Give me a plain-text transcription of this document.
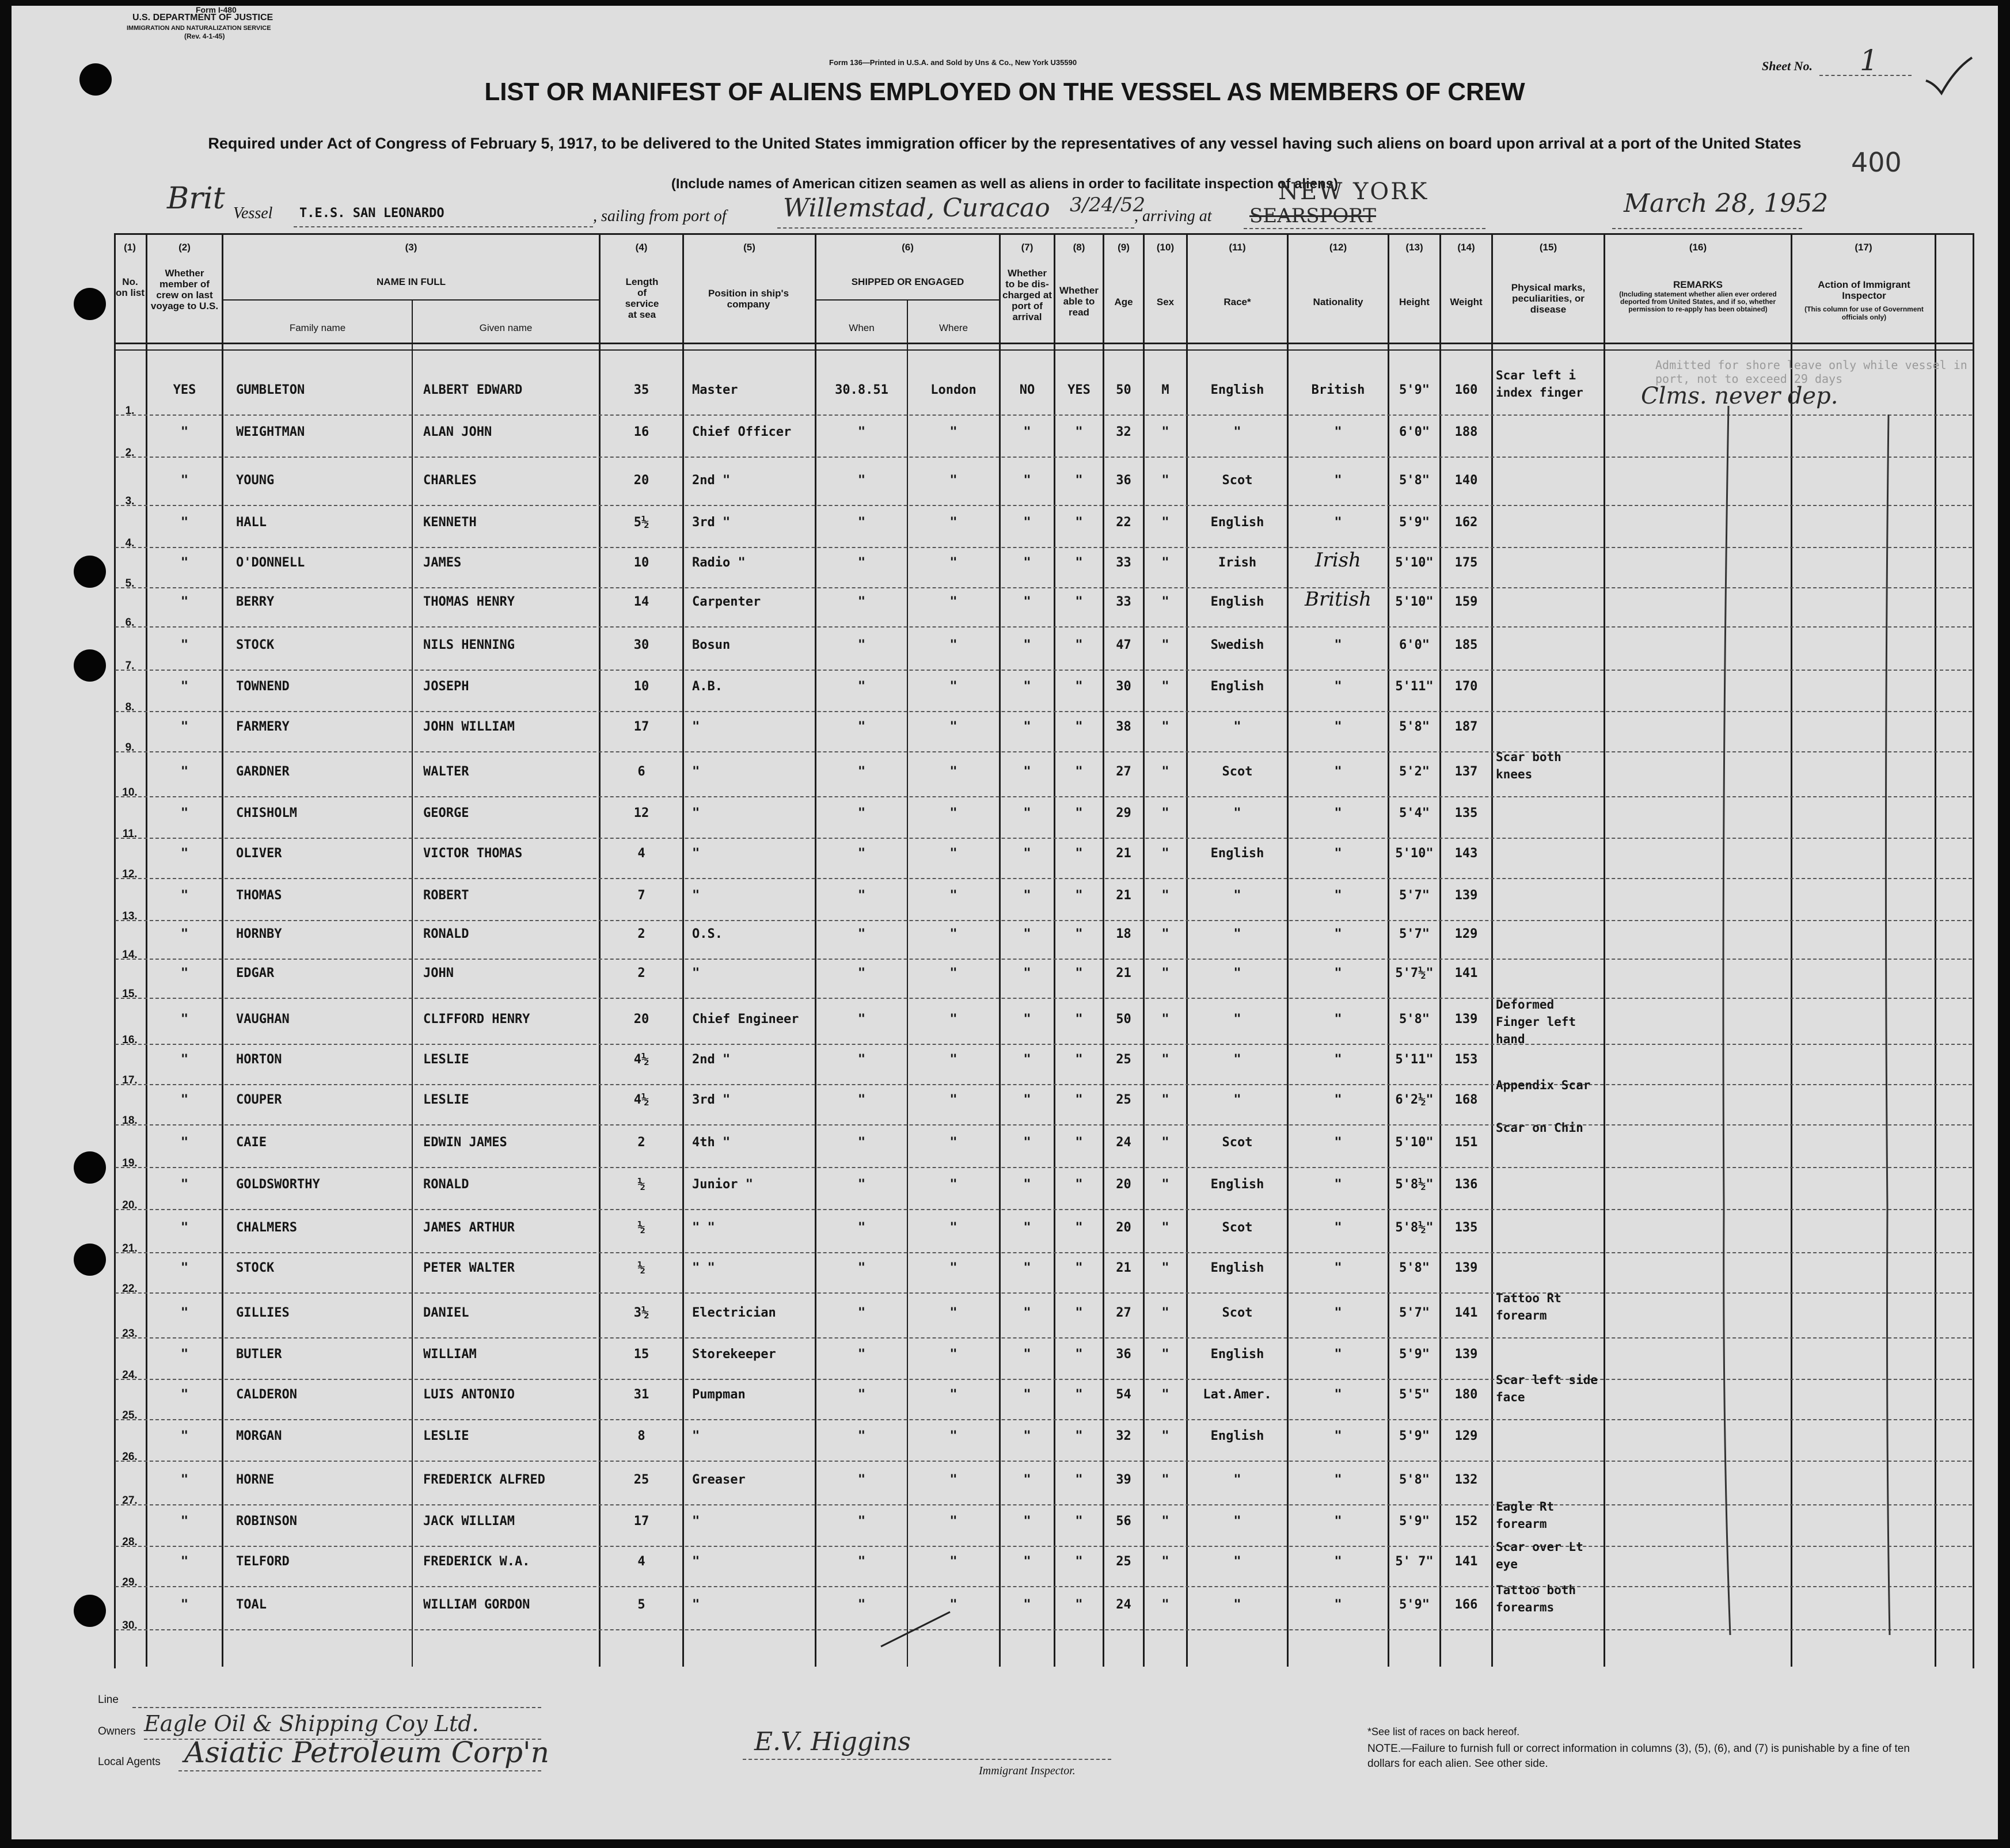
Form I-480
U.S. DEPARTMENT OF JUSTICE
IMMIGRATION AND NATURALIZATION SERVICE
(Rev. 4-1-45)
Form 136—Printed in U.S.A. and Sold by Uns & Co., New York U35590	Sheet No. 1
LIST OR MANIFEST OF ALIENS EMPLOYED ON THE VESSEL AS MEMBERS OF CREW
Required under Act of Congress of February 5, 1917, to be delivered to the United States immigration officer by the representatives of any vessel having such aliens on board upon arrival at a port of the United States
(Include names of American citizen seamen as well as aliens in order to facilitate inspection of aliens)
400
Brit Vessel T.E.S. SAN LEONARDO	, sailing from port of Willemstad, Curacao 3/24/52
, arriving at
NEW YORK
SEARSPORT	March 28, 1952
(1)
No. on list
(2)
Whether member of crew on last voyage to U.S.
(3)
NAME IN FULL
Family name	Given name
(4)
Length of service at sea
(5)
Position in ship's company
(6)
SHIPPED OR ENGAGED
When	Where
(7)
Whether to be dis-charged at port of arrival
(8)
Whether able to read
(9)
Age
(10)
Sex
(11)
Race*
(12)
Nationality
(13)
Height
(14)
Weight
(15)
Physical marks, peculiarities, or disease
(16)
REMARKS
(Including statement whether alien ever ordered deported from United States, and if so, whether permission to re-apply has been obtained)
(17)
Action of Immigrant Inspector
(This column for use of Government officials only)
1.
YES	GUMBLETON	ALBERT EDWARD	35	Master	30.8.51	London	NO	YES	50	M	English	British	5'9"	160
Scar left i index finger
2.
"	WEIGHTMAN	ALAN JOHN	16	Chief Officer	"	"	"	"	32	"	"	"	6'0"	188
3.
"	YOUNG	CHARLES	20	2nd "	"	"	"	"	36	"	Scot	"	5'8"	140
4.
"	HALL	KENNETH	5½	3rd "	"	"	"	"	22	"	English	"	5'9"	162
5.
"	O'DONNELL	JAMES	10	Radio "	"	"	"	"	33	"	Irish	Irish	5'10"	175
6.
"	BERRY	THOMAS HENRY	14	Carpenter	"	"	"	"	33	"	English	British	5'10"	159
7.
"	STOCK	NILS HENNING	30	Bosun	"	"	"	"	47	"	Swedish	"	6'0"	185
8.
"	TOWNEND	JOSEPH	10	A.B.	"	"	"	"	30	"	English	"	5'11"	170
9.
"	FARMERY	JOHN WILLIAM	17	"	"	"	"	"	38	"	"	"	5'8"	187
10.
"	GARDNER	WALTER	6	"	"	"	"	"	27	"	Scot	"	5'2"	137
Scar both knees
11.
"	CHISHOLM	GEORGE	12	"	"	"	"	"	29	"	"	"	5'4"	135
12.
"	OLIVER	VICTOR THOMAS	4	"	"	"	"	"	21	"	English	"	5'10"	143
13.
"	THOMAS	ROBERT	7	"	"	"	"	"	21	"	"	"	5'7"	139
14.
"	HORNBY	RONALD	2	O.S.	"	"	"	"	18	"	"	"	5'7"	129
15.
"	EDGAR	JOHN	2	"	"	"	"	"	21	"	"	"	5'7½"	141
16.
"	VAUGHAN	CLIFFORD HENRY	20	Chief Engineer	"	"	"	"	50	"	"	"	5'8"	139
Deformed Finger left hand
17.
"	HORTON	LESLIE	4½	2nd "	"	"	"	"	25	"	"	"	5'11"	153
18.
"	COUPER	LESLIE	4½	3rd "	"	"	"	"	25	"	"	"	6'2½"	168
Appendix Scar
19.
"	CAIE	EDWIN JAMES	2	4th "	"	"	"	"	24	"	Scot	"	5'10"	151
Scar on Chin
20.
"	GOLDSWORTHY	RONALD	½	Junior "	"	"	"	"	20	"	English	"	5'8½"	136
21.
"	CHALMERS	JAMES ARTHUR	½	" "	"	"	"	"	20	"	Scot	"	5'8½"	135
22.
"	STOCK	PETER WALTER	½	" "	"	"	"	"	21	"	English	"	5'8"	139
23.
"	GILLIES	DANIEL	3½	Electrician	"	"	"	"	27	"	Scot	"	5'7"	141
Tattoo Rt forearm
24.
"	BUTLER	WILLIAM	15	Storekeeper	"	"	"	"	36	"	English	"	5'9"	139
25.
"	CALDERON	LUIS ANTONIO	31	Pumpman	"	"	"	"	54	"	Lat.Amer.	"	5'5"	180
Scar left side face
26.
"	MORGAN	LESLIE	8	"	"	"	"	"	32	"	English	"	5'9"	129
27.
"	HORNE	FREDERICK ALFRED	25	Greaser	"	"	"	"	39	"	"	"	5'8"	132
28.
"	ROBINSON	JACK WILLIAM	17	"	"	"	"	"	56	"	"	"	5'9"	152
Eagle Rt forearm
29.
"	TELFORD	FREDERICK W.A.	4	"	"	"	"	"	25	"	"	"	5' 7"	141
Scar over Lt eye
30.
"	TOAL	WILLIAM GORDON	5	"	"	"	"	"	24	"	"	"	5'9"	166
Tattoo both forearms
Admitted for shore leave only while vessel in port, not to exceed 29 days
Clms. never dep.
Line
Owners Eagle Oil & Shipping Coy Ltd.
Local Agents Asiatic Petroleum Corp'n	E.V. Higgins
Immigrant Inspector.
*See list of races on back hereof.
NOTE.—Failure to furnish full or correct information in columns (3), (5), (6), and (7) is punishable by a fine of ten dollars for each alien. See other side.
